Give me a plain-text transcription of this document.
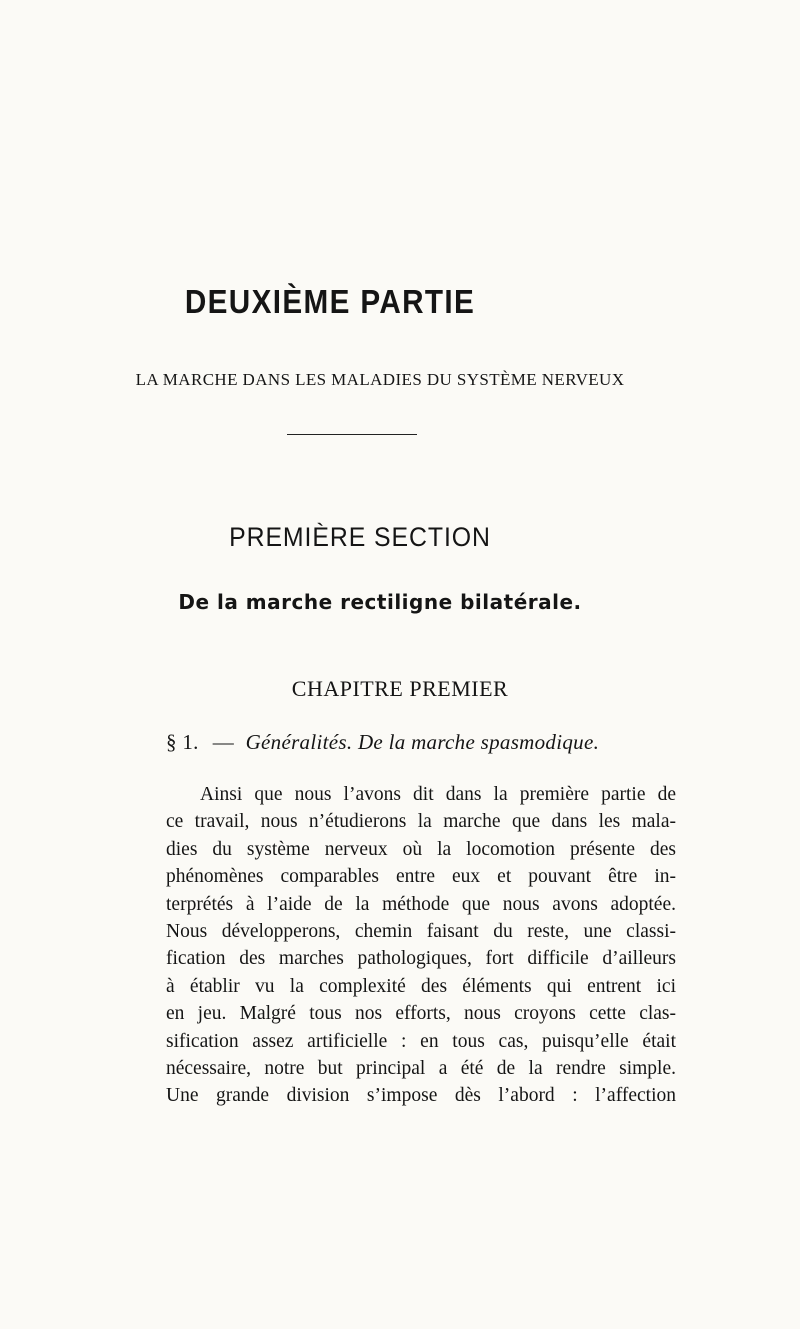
DEUXIÈME PARTIE
LA MARCHE DANS LES MALADIES DU SYSTÈME NERVEUX
PREMIÈRE SECTION
De la marche rectiligne bilatérale.
CHAPITRE PREMIER
§ 1. — Généralités. De la marche spasmodique.
Ainsi que nous l’avons dit dans la première partie de
ce travail, nous n’étudierons la marche que dans les mala-
dies du système nerveux où la locomotion présente des
phénomènes comparables entre eux et pouvant être in-
terprétés à l’aide de la méthode que nous avons adoptée.
Nous développerons, chemin faisant du reste, une classi-
fication des marches pathologiques, fort difficile d’ailleurs
à établir vu la complexité des éléments qui entrent ici
en jeu. Malgré tous nos efforts, nous croyons cette clas-
sification assez artificielle : en tous cas, puisqu’elle était
nécessaire, notre but principal a été de la rendre simple.
Une grande division s’impose dès l’abord : l’affection
